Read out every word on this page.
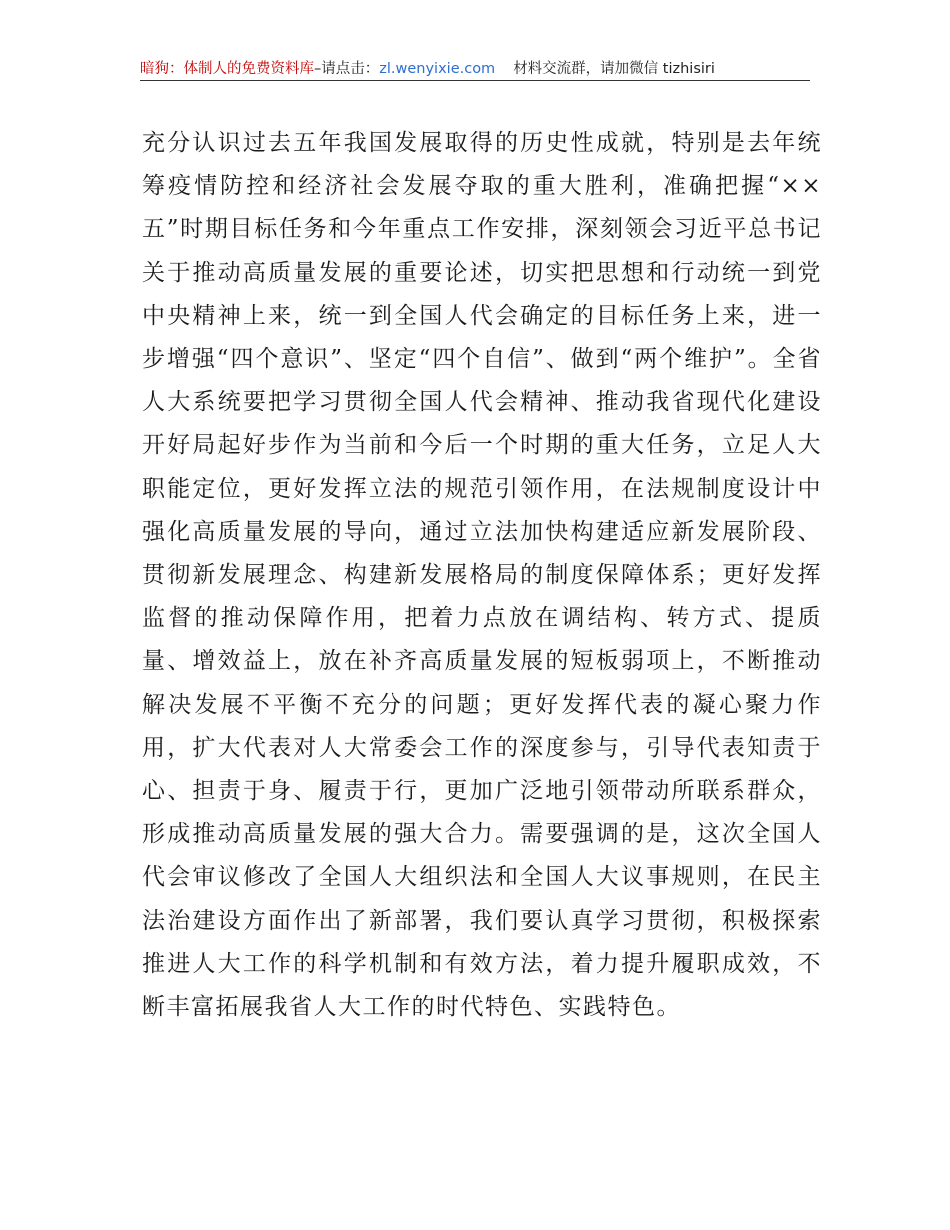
暗狗：体制人的免费资料库 –请点击： zl.wenyixie.com 材料交流群，请加微信 tizhisiri
充分认识过去五年我国发展取得的历史性成就，特别是去年统筹疫情防控和经济社会发展夺取的重大胜利，准确把握“××五”时期目标任务和今年重点工作安排，深刻领会习近平总书记关于推动高质量发展的重要论述，切实把思想和行动统一到党中央精神上来，统一到全国人代会确定的目标任务上来，进一步增强“四个意识”、坚定“四个自信”、做到“两个维护”。全省人大系统要把学习贯彻全国人代会精神、推动我省现代化建设开好局起好步作为当前和今后一个时期的重大任务，立足人大职能定位，更好发挥立法的规范引领作用，在法规制度设计中强化高质量发展的导向，通过立法加快构建适应新发展阶段、贯彻新发展理念、构建新发展格局的制度保障体系；更好发挥监督的推动保障作用，把着力点放在调结构、转方式、提质量、增效益上，放在补齐高质量发展的短板弱项上，不断推动解决发展不平衡不充分的问题；更好发挥代表的凝心聚力作用，扩大代表对人大常委会工作的深度参与，引导代表知责于心、担责于身、履责于行，更加广泛地引领带动所联系群众，形成推动高质量发展的强大合力。需要强调的是，这次全国人代会审议修改了全国人大组织法和全国人大议事规则，在民主法治建设方面作出了新部署，我们要认真学习贯彻，积极探索推进人大工作的科学机制和有效方法，着力提升履职成效，不断丰富拓展我省人大工作的时代特色、实践特色。
